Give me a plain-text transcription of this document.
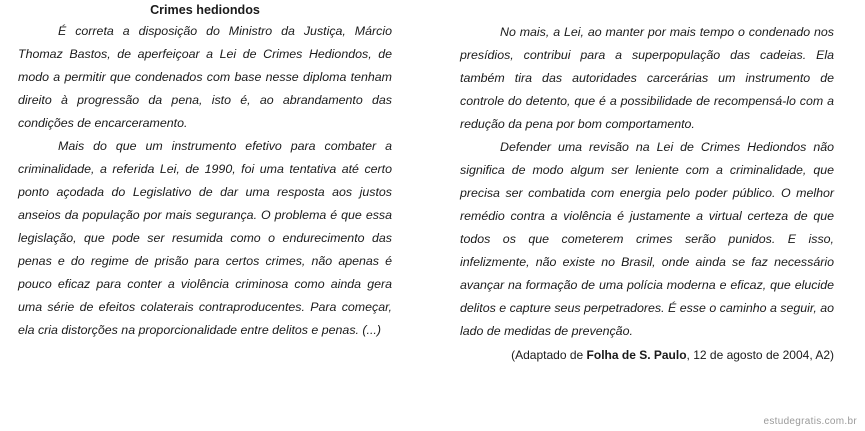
Crimes hediondos

É correta a disposição do Ministro da Justiça, Márcio Thomaz Bastos, de aperfeiçoar a Lei de Crimes Hediondos, de modo a permitir que condenados com base nesse diploma tenham direito à progressão da pena, isto é, ao abrandamento das condições de encarceramento.

Mais do que um instrumento efetivo para combater a criminalidade, a referida Lei, de 1990, foi uma tentativa até certo ponto açodada do Legislativo de dar uma resposta aos justos anseios da população por mais segurança. O problema é que essa legislação, que pode ser resumida como o endurecimento das penas e do regime de prisão para certos crimes, não apenas é pouco eficaz para conter a violência criminosa como ainda gera uma série de efeitos colaterais contraproducentes. Para começar, ela cria distorções na proporcionalidade entre delitos e penas. (...)

No mais, a Lei, ao manter por mais tempo o condenado nos presídios, contribui para a superpopulação das cadeias. Ela também tira das autoridades carcerárias um instrumento de controle do detento, que é a possibilidade de recompensá-lo com a redução da pena por bom comportamento.

Defender uma revisão na Lei de Crimes Hediondos não significa de modo algum ser leniente com a criminalidade, que precisa ser combatida com energia pelo poder público. O melhor remédio contra a violência é justamente a virtual certeza de que todos os que cometerem crimes serão punidos. E isso, infelizmente, não existe no Brasil, onde ainda se faz necessário avançar na formação de uma polícia moderna e eficaz, que elucide delitos e capture seus perpetradores. É esse o caminho a seguir, ao lado de medidas de prevenção.

(Adaptado de Folha de S. Paulo, 12 de agosto de 2004, A2)
estudegratis.com.br
